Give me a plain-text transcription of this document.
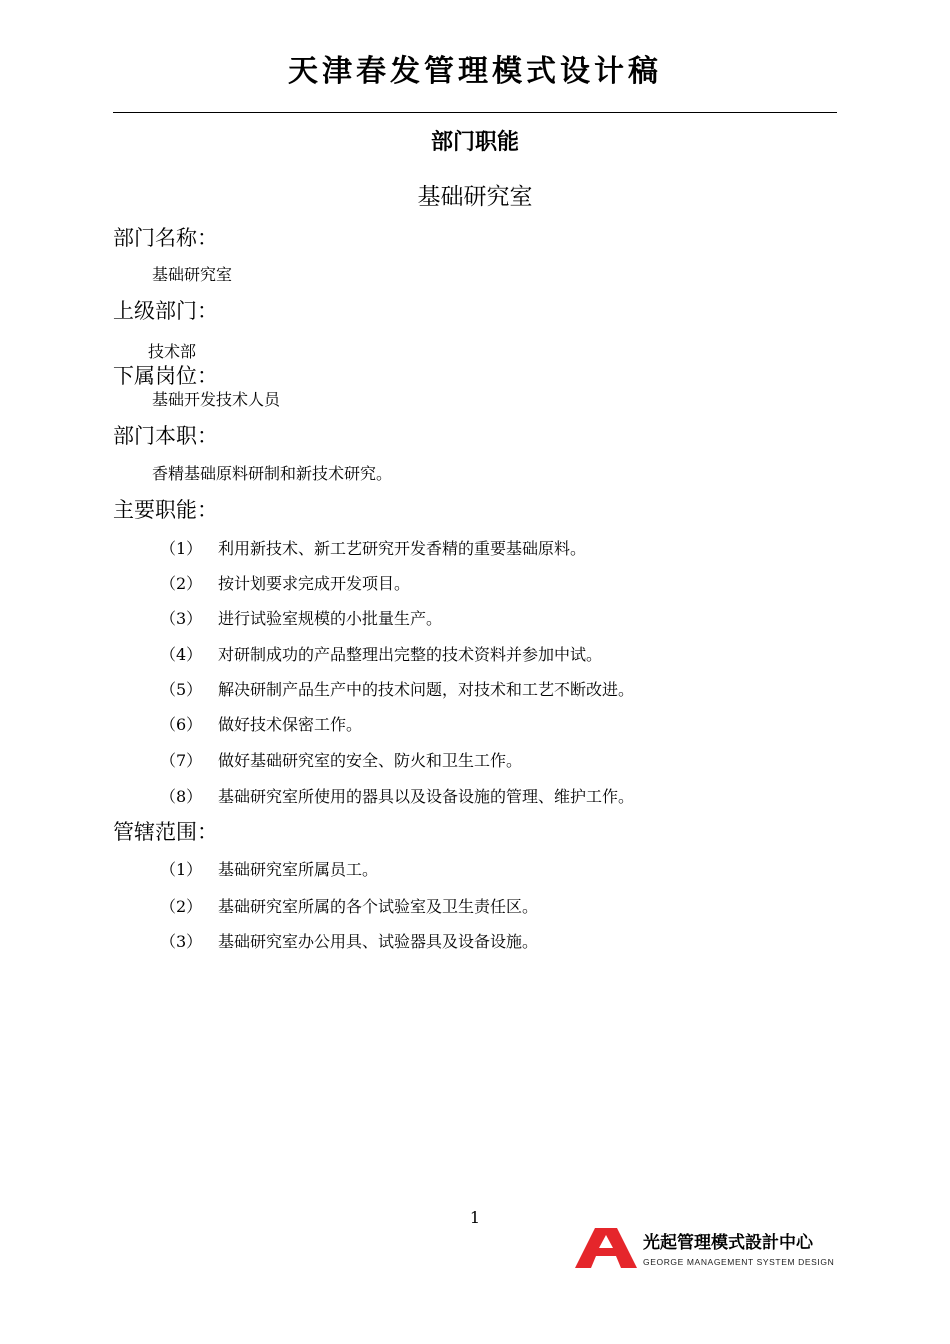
天津春发管理模式设计稿
部门职能
基础研究室
部门名称：
基础研究室
上级部门：
技术部
下属岗位：
基础开发技术人员
部门本职：
香精基础原料研制和新技术研究。
主要职能：
（1） 利用新技术、新工艺研究开发香精的重要基础原料。
（2） 按计划要求完成开发项目。
（3） 进行试验室规模的小批量生产。
（4） 对研制成功的产品整理出完整的技术资料并参加中试。
（5） 解决研制产品生产中的技术问题，对技术和工艺不断改进。
（6） 做好技术保密工作。
（7） 做好基础研究室的安全、防火和卫生工作。
（8） 基础研究室所使用的器具以及设备设施的管理、维护工作。
管辖范围：
（1） 基础研究室所属员工。
（2） 基础研究室所属的各个试验室及卫生责任区。
（3） 基础研究室办公用具、试验器具及设备设施。
1
光起管理模式設計中心
GEORGE MANAGEMENT SYSTEM DESIGN
